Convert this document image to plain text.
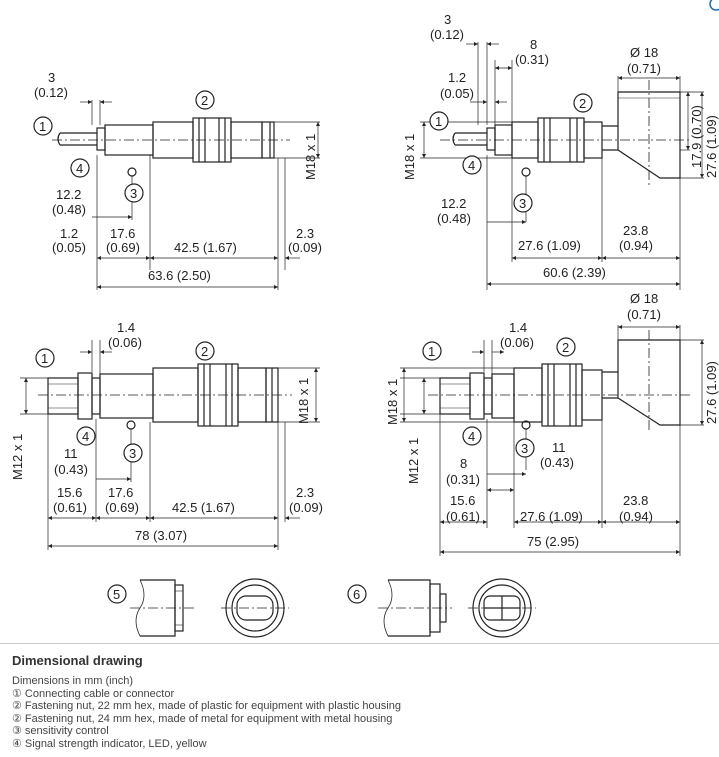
3
(0.12)
12.2
(0.48)
1.2
(0.05)
17.6
(0.69)	42.5 (1.67)
2.3
(0.09)
63.6 (2.50)
M18 x 1
1
2
4
3
3
(0.12)
8
(0.31)
1.2
(0.05)
Ø 18
(0.71)
12.2
(0.48)
27.6 (1.09)
23.8
(0.94)
60.6 (2.39)
M18 x 1	17.9 (0.70) 27.6 (1.09)
1
2
4
3
1.4
(0.06)
11
(0.43)
15.6
(0.61)
17.6
(0.69)	42.5 (1.67)
2.3
(0.09)
78 (3.07)
M12 x 1
M18 x 1
1	2
4
3
1.4
(0.06)
Ø 18
(0.71)
11
(0.43)
8
(0.31)
15.6
(0.61)	27.6 (1.09)
23.8
(0.94)
75 (2.95)
M18 x 1
M12 x 1
27.6 (1.09)
1	2
4
3
5	6
Dimensional drawing
Dimensions in mm (inch)
① Connecting cable or connector
② Fastening nut, 22 mm hex, made of plastic for equipment with plastic housing
② Fastening nut, 24 mm hex, made of metal for equipment with metal housing
③ sensitivity control
④ Signal strength indicator, LED, yellow
